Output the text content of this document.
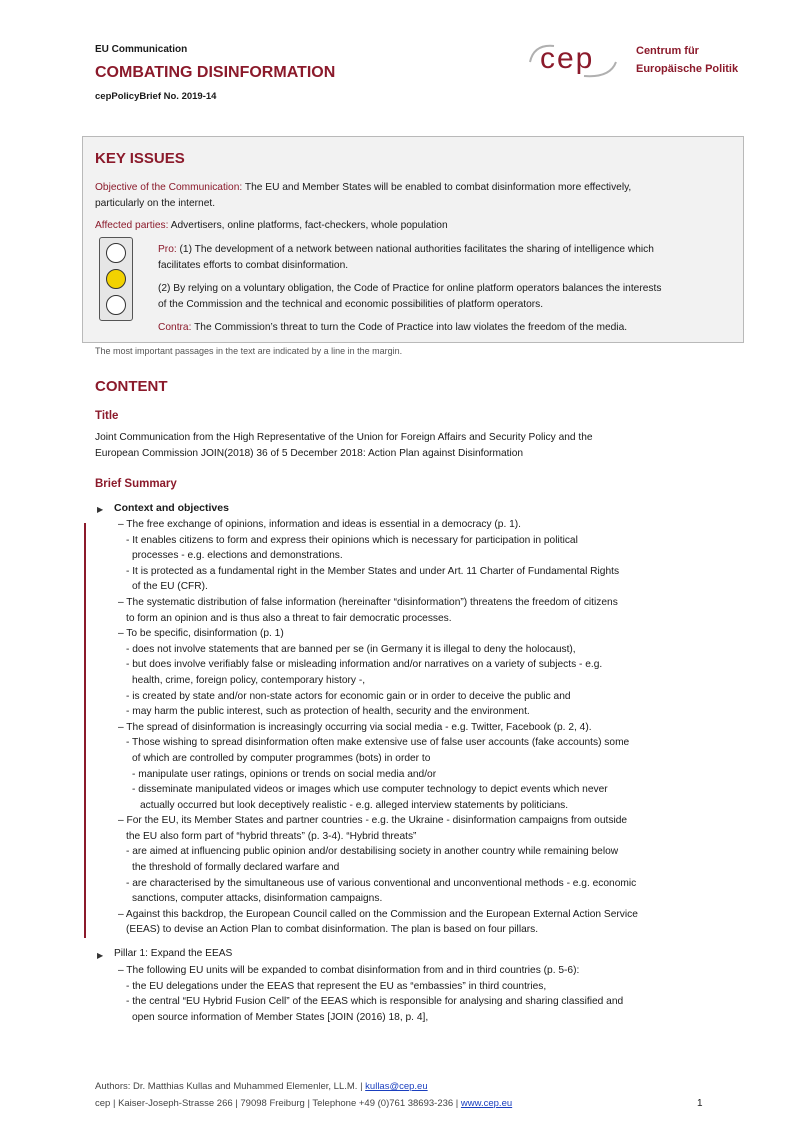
EU Communication
COMBATING DISINFORMATION
cepPolicyBrief No. 2019-14
cep	Centrum für
Europäische Politik
KEY ISSUES
Objective of the Communication: The EU and Member States will be enabled to combat disinformation more effectively,
particularly on the internet.
Affected parties: Advertisers, online platforms, fact-checkers, whole population
Pro: (1) The development of a network between national authorities facilitates the sharing of intelligence which
facilitates efforts to combat disinformation.
(2) By relying on a voluntary obligation, the Code of Practice for online platform operators balances the interests
of the Commission and the technical and economic possibilities of platform operators.
Contra: The Commission’s threat to turn the Code of Practice into law violates the freedom of the media.
The most important passages in the text are indicated by a line in the margin.
CONTENT
Title
Joint Communication from the High Representative of the Union for Foreign Affairs and Security Policy and the
European Commission JOIN(2018) 36 of 5 December 2018: Action Plan against Disinformation
Brief Summary
▶ Context and objectives
– The free exchange of opinions, information and ideas is essential in a democracy (p. 1).
- It enables citizens to form and express their opinions which is necessary for participation in political
processes - e.g. elections and demonstrations.
- It is protected as a fundamental right in the Member States and under Art. 11 Charter of Fundamental Rights
of the EU (CFR).
– The systematic distribution of false information (hereinafter “disinformation”) threatens the freedom of citizens
to form an opinion and is thus also a threat to fair democratic processes.
– To be specific, disinformation (p. 1)
- does not involve statements that are banned per se (in Germany it is illegal to deny the holocaust),
- but does involve verifiably false or misleading information and/or narratives on a variety of subjects - e.g.
health, crime, foreign policy, contemporary history -,
- is created by state and/or non-state actors for economic gain or in order to deceive the public and
- may harm the public interest, such as protection of health, security and the environment.
– The spread of disinformation is increasingly occurring via social media - e.g. Twitter, Facebook (p. 2, 4).
- Those wishing to spread disinformation often make extensive use of false user accounts (fake accounts) some
of which are controlled by computer programmes (bots) in order to
- manipulate user ratings, opinions or trends on social media and/or
- disseminate manipulated videos or images which use computer technology to depict events which never
actually occurred but look deceptively realistic - e.g. alleged interview statements by politicians.
– For the EU, its Member States and partner countries - e.g. the Ukraine - disinformation campaigns from outside
the EU also form part of “hybrid threats” (p. 3-4). “Hybrid threats”
- are aimed at influencing public opinion and/or destabilising society in another country while remaining below
the threshold of formally declared warfare and
- are characterised by the simultaneous use of various conventional and unconventional methods - e.g. economic
sanctions, computer attacks, disinformation campaigns.
– Against this backdrop, the European Council called on the Commission and the European External Action Service
(EEAS) to devise an Action Plan to combat disinformation. The plan is based on four pillars.
▶ Pillar 1: Expand the EEAS
– The following EU units will be expanded to combat disinformation from and in third countries (p. 5-6):
- the EU delegations under the EEAS that represent the EU as “embassies” in third countries,
- the central “EU Hybrid Fusion Cell” of the EEAS which is responsible for analysing and sharing classified and
open source information of Member States [JOIN (2016) 18, p. 4],
Authors: Dr. Matthias Kullas and Muhammed Elemenler, LL.M. | kullas@cep.eu
cep | Kaiser-Joseph-Strasse 266 | 79098 Freiburg | Telephone +49 (0)761 38693-236 | www.cep.eu	1
